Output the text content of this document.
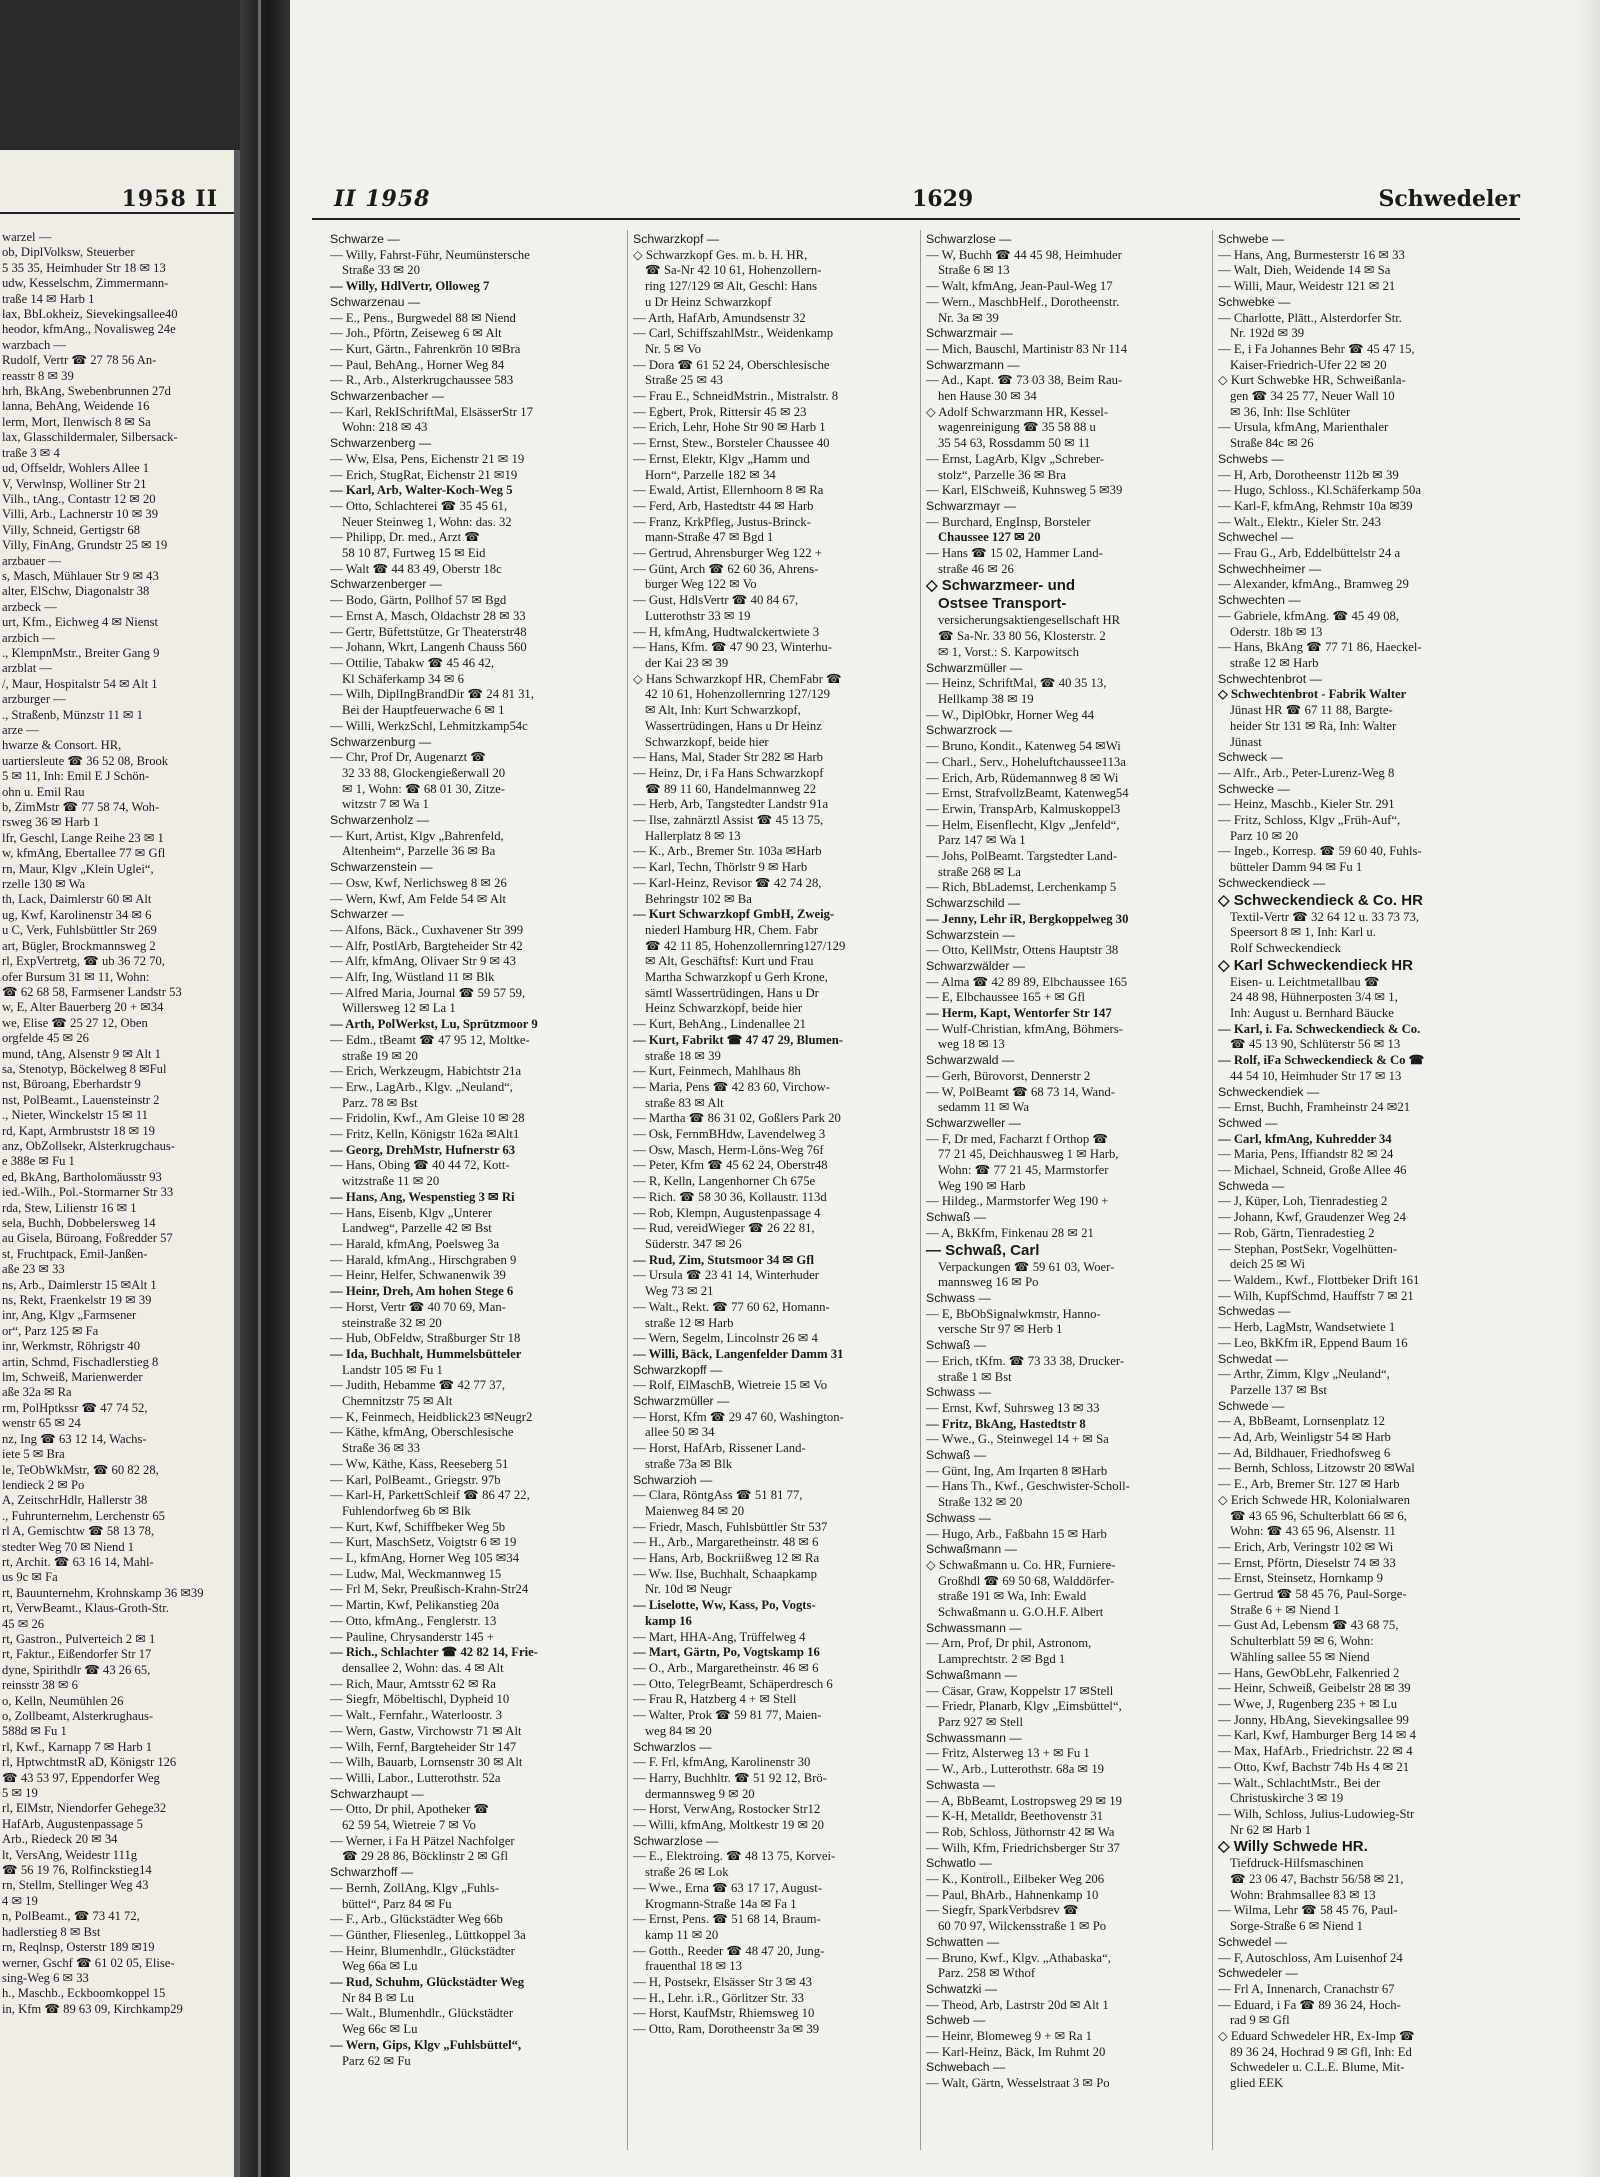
1958 II
warzel —
ob, DiplVolksw, Steuerber
5 35 35, Heimhuder Str 18 ✉ 13
udw, Kesselschm, Zimmermann-
traße 14 ✉ Harb 1
lax, BbLokheiz, Sievekingsallee40
heodor, kfmAng., Novalisweg 24e
warzbach —
Rudolf, Vertr ☎ 27 78 56 An-
reasstr 8 ✉ 39
hrh, BkAng, Swebenbrunnen 27d
lanna, BehAng, Weidende 16
lerm, Mort, Ilenwisch 8 ✉ Sa
lax, Glasschildermaler, Silbersack-
traße 3 ✉ 4
ud, Offseldr, Wohlers Allee 1
V, Verwlnsp, Wolliner Str 21
Vilh., tAng., Contastr 12 ✉ 20
Villi, Arb., Lachnerstr 10 ✉ 39
Villy, Schneid, Gertigstr 68
Villy, FinAng, Grundstr 25 ✉ 19
arzbauer —
s, Masch, Mühlauer Str 9 ✉ 43
alter, ElSchw, Diagonalstr 38
arzbeck —
urt, Kfm., Eichweg 4 ✉ Nienst
arzbich —
., KlempnMstr., Breiter Gang 9
arzblat —
/, Maur, Hospitalstr 54 ✉ Alt 1
arzburger —
., Straßenb, Münzstr 11 ✉ 1
arze —
hwarze & Consort. HR,
uartiersleute ☎ 36 52 08, Brook
5 ✉ 11, Inh: Emil E J Schön-
ohn u. Emil Rau
b, ZimMstr ☎ 77 58 74, Woh-
rsweg 36 ✉ Harb 1
lfr, Geschl, Lange Reihe 23 ✉ 1
w, kfmAng, Ebertallee 77 ✉ Gfl
rn, Maur, Klgv „Klein Uglei“,
rzelle 130 ✉ Wa
th, Lack, Daimlerstr 60 ✉ Alt
ug, Kwf, Karolinenstr 34 ✉ 6
u C, Verk, Fuhlsbüttler Str 269
art, Bügler, Brockmannsweg 2
rl, ExpVertretg, ☎ ub 36 72 70,
ofer Bursum 31 ✉ 11, Wohn:
☎ 62 68 58, Farmsener Landstr 53
w, E, Alter Bauerberg 20 + ✉34
we, Elise ☎ 25 27 12, Oben
orgfelde 45 ✉ 26
mund, tAng, Alsenstr 9 ✉ Alt 1
sa, Stenotyp, Böckelweg 8 ✉Ful
nst, Büroang, Eberhardstr 9
nst, PolBeamt., Lauensteinstr 2
., Nieter, Winckelstr 15 ✉ 11
rd, Kapt, Armbruststr 18 ✉ 19
anz, ObZollsekr, Alsterkrugchaus-
e 388e ✉ Fu 1
ed, BkAng, Bartholomäusstr 93
ied.-Wilh., Pol.-Stormarner Str 33
rda, Stew, Lilienstr 16 ✉ 1
sela, Buchh, Dobbelersweg 14
au Gisela, Büroang, Foßredder 57
st, Fruchtpack, Emil-Janßen-
aße 23 ✉ 33
ns, Arb., Daimlerstr 15 ✉Alt 1
ns, Rekt, Fraenkelstr 19 ✉ 39
inr, Ang, Klgv „Farmsener
or“, Parz 125 ✉ Fa
inr, Werkmstr, Röhrigstr 40
artin, Schmd, Fischadlerstieg 8
lm, Schweiß, Marienwerder
aße 32a ✉ Ra
rm, PolHptkssr ☎ 47 74 52,
wenstr 65 ✉ 24
nz, Ing ☎ 63 12 14, Wachs-
iete 5 ✉ Bra
le, TeObWkMstr, ☎ 60 82 28,
lendieck 2 ✉ Po
A, ZeitschrHdlr, Hallerstr 38
., Fuhrunternehm, Lerchenstr 65
rl A, Gemischtw ☎ 58 13 78,
stedter Weg 70 ✉ Niend 1
rt, Archit. ☎ 63 16 14, Mahl-
us 9c ✉ Fa
rt, Bauunternehm, Krohnskamp 36 ✉39
rt, VerwBeamt., Klaus-Groth-Str.
45 ✉ 26
rt, Gastron., Pulverteich 2 ✉ 1
rt, Faktur., Eißendorfer Str 17
dyne, Spirithdlr ☎ 43 26 65,
reinsstr 38 ✉ 6
o, Kelln, Neumühlen 26
o, Zollbeamt, Alsterkrughaus-
588d ✉ Fu 1
rl, Kwf., Karnapp 7 ✉ Harb 1
rl, HptwchtmstR aD, Königstr 126
☎ 43 53 97, Eppendorfer Weg
5 ✉ 19
rl, ElMstr, Niendorfer Gehege32
HafArb, Augustenpassage 5
Arb., Riedeck 20 ✉ 34
lt, VersAng, Weidestr 111g
☎ 56 19 76, Rolfinckstieg14
rn, Stellm, Stellinger Weg 43
4 ✉ 19
n, PolBeamt., ☎ 73 41 72,
hadlerstieg 8 ✉ Bst
rn, Reqlnsp, Osterstr 189 ✉19
werner, Gschf ☎ 61 02 05, Elise-
sing-Weg 6 ✉ 33
h., Maschb., Eckboomkoppel 15
in, Kfm ☎ 89 63 09, Kirchkamp29
II 1958	1629	Schwedeler
Schwarze —
— Willy, Fahrst-Führ, Neumünstersche
Straße 33 ✉ 20
— Willy, HdlVertr, Olloweg 7
Schwarzenau —
— E., Pens., Burgwedel 88 ✉ Niend
— Joh., Pförtn, Zeiseweg 6 ✉ Alt
— Kurt, Gärtn., Fahrenkrön 10 ✉Bra
— Paul, BehAng., Horner Weg 84
— R., Arb., Alsterkrugchaussee 583
Schwarzenbacher —
— Karl, RekISchriftMal, ElsässerStr 17
Wohn: 218 ✉ 43
Schwarzenberg —
— Ww, Elsa, Pens, Eichenstr 21 ✉ 19
— Erich, StugRat, Eichenstr 21 ✉19
— Karl, Arb, Walter-Koch-Weg 5
— Otto, Schlachterei ☎ 35 45 61,
Neuer Steinweg 1, Wohn: das. 32
— Philipp, Dr. med., Arzt ☎
58 10 87, Furtweg 15 ✉ Eid
— Walt ☎ 44 83 49, Oberstr 18c
Schwarzenberger —
— Bodo, Gärtn, Pollhof 57 ✉ Bgd
— Ernst A, Masch, Oldachstr 28 ✉ 33
— Gertr, Büfettstütze, Gr Theaterstr48
— Johann, Wkrt, Langenh Chauss 560
— Ottilie, Tabakw ☎ 45 46 42,
Kl Schäferkamp 34 ✉ 6
— Wilh, DiplIngBrandDir ☎ 24 81 31,
Bei der Hauptfeuerwache 6 ✉ 1
— Willi, WerkzSchl, Lehmitzkamp54c
Schwarzenburg —
— Chr, Prof Dr, Augenarzt ☎
32 33 88, Glockengießerwall 20
✉ 1, Wohn: ☎ 68 01 30, Zitze-
witzstr 7 ✉ Wa 1
Schwarzenholz —
— Kurt, Artist, Klgv „Bahrenfeld,
Altenheim“, Parzelle 36 ✉ Ba
Schwarzenstein —
— Osw, Kwf, Nerlichsweg 8 ✉ 26
— Wern, Kwf, Am Felde 54 ✉ Alt
Schwarzer —
— Alfons, Bäck., Cuxhavener Str 399
— Alfr, PostlArb, Bargteheider Str 42
— Alfr, kfmAng, Olivaer Str 9 ✉ 43
— Alfr, Ing, Wüstland 11 ✉ Blk
— Alfred Maria, Journal ☎ 59 57 59,
Willersweg 12 ✉ La 1
— Arth, PolWerkst, Lu, Sprützmoor 9
— Edm., tBeamt ☎ 47 95 12, Moltke-
straße 19 ✉ 20
— Erich, Werkzeugm, Habichtstr 21a
— Erw., LagArb., Klgv. „Neuland“,
Parz. 78 ✉ Bst
— Fridolin, Kwf., Am Gleise 10 ✉ 28
— Fritz, Kelln, Königstr 162a ✉Alt1
— Georg, DrehMstr, Hufnerstr 63
— Hans, Obing ☎ 40 44 72, Kott-
witzstraße 11 ✉ 20
— Hans, Ang, Wespenstieg 3 ✉ Ri
— Hans, Eisenb, Klgv „Unterer
Landweg“, Parzelle 42 ✉ Bst
— Harald, kfmAng, Poelsweg 3a
— Harald, kfmAng., Hirschgraben 9
— Heinr, Helfer, Schwanenwik 39
— Heinr, Dreh, Am hohen Stege 6
— Horst, Vertr ☎ 40 70 69, Man-
steinstraße 32 ✉ 20
— Hub, ObFeldw, Straßburger Str 18
— Ida, Buchhalt, Hummelsbütteler
Landstr 105 ✉ Fu 1
— Judith, Hebamme ☎ 42 77 37,
Chemnitzstr 75 ✉ Alt
— K, Feinmech, Heidblick23 ✉Neugr2
— Käthe, kfmAng, Oberschlesische
Straße 36 ✉ 33
— Ww, Käthe, Kass, Reeseberg 51
— Karl, PolBeamt., Griegstr. 97b
— Karl-H, ParkettSchleif ☎ 86 47 22,
Fuhlendorfweg 6b ✉ Blk
— Kurt, Kwf, Schiffbeker Weg 5b
— Kurt, MaschSetz, Voigtstr 6 ✉ 19
— L, kfmAng, Horner Weg 105 ✉34
— Ludw, Mal, Weckmannweg 15
— Frl M, Sekr, Preußisch-Krahn-Str24
— Martin, Kwf, Pelikanstieg 20a
— Otto, kfmAng., Fenglerstr. 13
— Pauline, Chrysanderstr 145 +
— Rich., Schlachter ☎ 42 82 14, Frie-
densallee 2, Wohn: das. 4 ✉ Alt
— Rich, Maur, Amtsstr 62 ✉ Ra
— Siegfr, Möbeltischl, Dypheid 10
— Walt., Fernfahr., Waterloostr. 3
— Wern, Gastw, Virchowstr 71 ✉ Alt
— Wilh, Fernf, Bargteheider Str 147
— Wilh, Bauarb, Lornsenstr 30 ✉ Alt
— Willi, Labor., Lutterothstr. 52a
Schwarzhaupt —
— Otto, Dr phil, Apotheker ☎
62 59 54, Wietreie 7 ✉ Vo
— Werner, i Fa H Pätzel Nachfolger
☎ 29 28 86, Böcklinstr 2 ✉ Gfl
Schwarzhoff —
— Bernh, ZollAng, Klgv „Fuhls-
büttel“, Parz 84 ✉ Fu
— F., Arb., Glückstädter Weg 66b
— Günther, Fliesenleg., Lüttkoppel 3a
— Heinr, Blumenhdlr., Glückstädter
Weg 66a ✉ Lu
— Rud, Schuhm, Glückstädter Weg
Nr 84 B ✉ Lu
— Walt., Blumenhdlr., Glückstädter
Weg 66c ✉ Lu
— Wern, Gips, Klgv „Fuhlsbüttel“,
Parz 62 ✉ Fu
Schwarzkopf —
◇ Schwarzkopf Ges. m. b. H. HR,
☎ Sa-Nr 42 10 61, Hohenzollern-
ring 127/129 ✉ Alt, Geschl: Hans
u Dr Heinz Schwarzkopf
— Arth, HafArb, Amundsenstr 32
— Carl, SchiffszahlMstr., Weidenkamp
Nr. 5 ✉ Vo
— Dora ☎ 61 52 24, Oberschlesische
Straße 25 ✉ 43
— Frau E., SchneidMstrin., Mistralstr. 8
— Egbert, Prok, Rittersir 45 ✉ 23
— Erich, Lehr, Hohe Str 90 ✉ Harb 1
— Ernst, Stew., Borsteler Chaussee 40
— Ernst, Elektr, Klgv „Hamm und
Horn“, Parzelle 182 ✉ 34
— Ewald, Artist, Ellernhoorn 8 ✉ Ra
— Ferd, Arb, Hastedtstr 44 ✉ Harb
— Franz, KrkPfleg, Justus-Brinck-
mann-Straße 47 ✉ Bgd 1
— Gertrud, Ahrensburger Weg 122 +
— Günt, Arch ☎ 62 60 36, Ahrens-
burger Weg 122 ✉ Vo
— Gust, HdlsVertr ☎ 40 84 67,
Lutterothstr 33 ✉ 19
— H, kfmAng, Hudtwalckertwiete 3
— Hans, Kfm. ☎ 47 90 23, Winterhu-
der Kai 23 ✉ 39
◇ Hans Schwarzkopf HR, ChemFabr ☎
42 10 61, Hohenzollernring 127/129
✉ Alt, Inh: Kurt Schwarzkopf,
Wassertrüdingen, Hans u Dr Heinz
Schwarzkopf, beide hier
— Hans, Mal, Stader Str 282 ✉ Harb
— Heinz, Dr, i Fa Hans Schwarzkopf
☎ 89 11 60, Handelmannweg 22
— Herb, Arb, Tangstedter Landstr 91a
— Ilse, zahnärztl Assist ☎ 45 13 75,
Hallerplatz 8 ✉ 13
— K., Arb., Bremer Str. 103a ✉Harb
— Karl, Techn, Thörlstr 9 ✉ Harb
— Karl-Heinz, Revisor ☎ 42 74 28,
Behringstr 102 ✉ Ba
— Kurt Schwarzkopf GmbH, Zweig-
niederl Hamburg HR, Chem. Fabr
☎ 42 11 85, Hohenzollernring127/129
✉ Alt, Geschäftsf: Kurt und Frau
Martha Schwarzkopf u Gerh Krone,
sämtl Wassertrüdingen, Hans u Dr
Heinz Schwarzkopf, beide hier
— Kurt, BehAng., Lindenallee 21
— Kurt, Fabrikt ☎ 47 47 29, Blumen-
straße 18 ✉ 39
— Kurt, Feinmech, Mahlhaus 8h
— Maria, Pens ☎ 42 83 60, Virchow-
straße 83 ✉ Alt
— Martha ☎ 86 31 02, Goßlers Park 20
— Osk, FernmBHdw, Lavendelweg 3
— Osw, Masch, Herm-Löns-Weg 76f
— Peter, Kfm ☎ 45 62 24, Oberstr48
— R, Kelln, Langenhorner Ch 675e
— Rich. ☎ 58 30 36, Kollaustr. 113d
— Rob, Klempn, Augustenpassage 4
— Rud, vereidWieger ☎ 26 22 81,
Süderstr. 347 ✉ 26
— Rud, Zim, Stutsmoor 34 ✉ Gfl
— Ursula ☎ 23 41 14, Winterhuder
Weg 73 ✉ 21
— Walt., Rekt. ☎ 77 60 62, Homann-
straße 12 ✉ Harb
— Wern, Segelm, Lincolnstr 26 ✉ 4
— Willi, Bäck, Langenfelder Damm 31
Schwarzkopff —
— Rolf, ElMaschB, Wietreie 15 ✉ Vo
Schwarzmüller —
— Horst, Kfm ☎ 29 47 60, Washington-
allee 50 ✉ 34
— Horst, HafArb, Rissener Land-
straße 73a ✉ Blk
Schwarzioh —
— Clara, RöntgAss ☎ 51 81 77,
Maienweg 84 ✉ 20
— Friedr, Masch, Fuhlsbüttler Str 537
— H., Arb., Margaretheinstr. 48 ✉ 6
— Hans, Arb, Bockriißweg 12 ✉ Ra
— Ww. Ilse, Buchhalt, Schaapkamp
Nr. 10d ✉ Neugr
— Liselotte, Ww, Kass, Po, Vogts-
kamp 16
— Mart, HHA-Ang, Trüffelweg 4
— Mart, Gärtn, Po, Vogtskamp 16
— O., Arb., Margaretheinstr. 46 ✉ 6
— Otto, TelegrBeamt, Schäperdresch 6
— Frau R, Hatzberg 4 + ✉ Stell
— Walter, Prok ☎ 59 81 77, Maien-
weg 84 ✉ 20
Schwarzlos —
— F. Frl, kfmAng, Karolinenstr 30
— Harry, Buchhltr. ☎ 51 92 12, Brö-
dermannsweg 9 ✉ 20
— Horst, VerwAng, Rostocker Str12
— Willi, kfmAng, Moltkestr 19 ✉ 20
Schwarzlose —
— E., Elektroing. ☎ 48 13 75, Korvei-
straße 26 ✉ Lok
— Wwe., Erna ☎ 63 17 17, August-
Krogmann-Straße 14a ✉ Fa 1
— Ernst, Pens. ☎ 51 68 14, Braum-
kamp 11 ✉ 20
— Gotth., Reeder ☎ 48 47 20, Jung-
frauenthal 18 ✉ 13
— H, Postsekr, Elsässer Str 3 ✉ 43
— H., Lehr. i.R., Görlitzer Str. 33
— Horst, KaufMstr, Rhiemsweg 10
— Otto, Ram, Dorotheenstr 3a ✉ 39
Schwarzlose —
— W, Buchh ☎ 44 45 98, Heimhuder
Straße 6 ✉ 13
— Walt, kfmAng, Jean-Paul-Weg 17
— Wern., MaschbHelf., Dorotheenstr.
Nr. 3a ✉ 39
Schwarzmair —
— Mich, Bauschl, Martinistr 83 Nr 114
Schwarzmann —
— Ad., Kapt. ☎ 73 03 38, Beim Rau-
hen Hause 30 ✉ 34
◇ Adolf Schwarzmann HR, Kessel-
wagenreinigung ☎ 35 58 88 u
35 54 63, Rossdamm 50 ✉ 11
— Ernst, LagArb, Klgv „Schreber-
stolz“, Parzelle 36 ✉ Bra
— Karl, ElSchweiß, Kuhnsweg 5 ✉39
Schwarzmayr —
— Burchard, EngInsp, Borsteler
Chaussee 127 ✉ 20
— Hans ☎ 15 02, Hammer Land-
straße 46 ✉ 26
◇ Schwarzmeer- und
Ostsee Transport-
versicherungsaktiengesellschaft HR
☎ Sa-Nr. 33 80 56, Klosterstr. 2
✉ 1, Vorst.: S. Karpowitsch
Schwarzmüller —
— Heinz, SchriftMal, ☎ 40 35 13,
Hellkamp 38 ✉ 19
— W., DiplObkr, Horner Weg 44
Schwarzrock —
— Bruno, Kondit., Katenweg 54 ✉Wi
— Charl., Serv., Hoheluftchaussee113a
— Erich, Arb, Rüdemannweg 8 ✉ Wi
— Ernst, StrafvollzBeamt, Katenweg54
— Erwin, TranspArb, Kalmuskoppel3
— Helm, Eisenflecht, Klgv „Jenfeld“,
Parz 147 ✉ Wa 1
— Johs, PolBeamt. Targstedter Land-
straße 268 ✉ La
— Rich, BbLademst, Lerchenkamp 5
Schwarzschild —
— Jenny, Lehr iR, Bergkoppelweg 30
Schwarzstein —
— Otto, KellMstr, Ottens Hauptstr 38
Schwarzwälder —
— Alma ☎ 42 89 89, Elbchaussee 165
— E, Elbchaussee 165 + ✉ Gfl
— Herm, Kapt, Wentorfer Str 147
— Wulf-Christian, kfmAng, Böhmers-
weg 18 ✉ 13
Schwarzwald —
— Gerh, Bürovorst, Dennerstr 2
— W, PolBeamt ☎ 68 73 14, Wand-
sedamm 11 ✉ Wa
Schwarzweller —
— F, Dr med, Facharzt f Orthop ☎
77 21 45, Deichhausweg 1 ✉ Harb,
Wohn: ☎ 77 21 45, Marmstorfer
Weg 190 ✉ Harb
— Hildeg., Marmstorfer Weg 190 +
Schwaß —
— A, BkKfm, Finkenau 28 ✉ 21
— Schwaß, Carl
Verpackungen ☎ 59 61 03, Woer-
mannsweg 16 ✉ Po
Schwass —
— E, BbObSignalwkmstr, Hanno-
versche Str 97 ✉ Herb 1
Schwaß —
— Erich, tKfm. ☎ 73 33 38, Drucker-
straße 1 ✉ Bst
Schwass —
— Ernst, Kwf, Suhrsweg 13 ✉ 33
— Fritz, BkAng, Hastedtstr 8
— Wwe., G., Steinwegel 14 + ✉ Sa
Schwaß —
— Günt, Ing, Am Irqarten 8 ✉Harb
— Hans Th., Kwf., Geschwister-Scholl-
Straße 132 ✉ 20
Schwass —
— Hugo, Arb., Faßbahn 15 ✉ Harb
Schwaßmann —
◇ Schwaßmann u. Co. HR, Furniere-
Großhdl ☎ 69 50 68, Walddörfer-
straße 191 ✉ Wa, Inh: Ewald
Schwaßmann u. G.O.H.F. Albert
Schwassmann —
— Arn, Prof, Dr phil, Astronom,
Lamprechtstr. 2 ✉ Bgd 1
Schwaßmann —
— Cäsar, Graw, Koppelstr 17 ✉Stell
— Friedr, Planarb, Klgv „Eimsbüttel“,
Parz 927 ✉ Stell
Schwassmann —
— Fritz, Alsterweg 13 + ✉ Fu 1
— W., Arb., Lutterothstr. 68a ✉ 19
Schwasta —
— A, BbBeamt, Lostropsweg 29 ✉ 19
— K-H, Metalldr, Beethovenstr 31
— Rob, Schloss, Jüthornstr 42 ✉ Wa
— Wilh, Kfm, Friedrichsberger Str 37
Schwatlo —
— K., Kontroll., Eilbeker Weg 206
— Paul, BhArb., Hahnenkamp 10
— Siegfr, SparkVerbdsrev ☎
60 70 97, Wilckensstraße 1 ✉ Po
Schwatten —
— Bruno, Kwf., Klgv. „Athabaska“,
Parz. 258 ✉ Wthof
Schwatzki —
— Theod, Arb, Lastrstr 20d ✉ Alt 1
Schweb —
— Heinr, Blomeweg 9 + ✉ Ra 1
— Karl-Heinz, Bäck, Im Ruhmt 20
Schwebach —
— Walt, Gärtn, Wesselstraat 3 ✉ Po
Schwebe —
— Hans, Ang, Burmesterstr 16 ✉ 33
— Walt, Dieh, Weidende 14 ✉ Sa
— Willi, Maur, Weidestr 121 ✉ 21
Schwebke —
— Charlotte, Plätt., Alsterdorfer Str.
Nr. 192d ✉ 39
— E, i Fa Johannes Behr ☎ 45 47 15,
Kaiser-Friedrich-Ufer 22 ✉ 20
◇ Kurt Schwebke HR, Schweißanla-
gen ☎ 34 25 77, Neuer Wall 10
✉ 36, Inh: Ilse Schlüter
— Ursula, kfmAng, Marienthaler
Straße 84c ✉ 26
Schwebs —
— H, Arb, Dorotheenstr 112b ✉ 39
— Hugo, Schloss., Kl.Schäferkamp 50a
— Karl-F, kfmAng, Rehmstr 10a ✉39
— Walt., Elektr., Kieler Str. 243
Schwechel —
— Frau G., Arb, Eddelbüttelstr 24 a
Schwechheimer —
— Alexander, kfmAng., Bramweg 29
Schwechten —
— Gabriele, kfmAng. ☎ 45 49 08,
Oderstr. 18b ✉ 13
— Hans, BkAng ☎ 77 71 86, Haeckel-
straße 12 ✉ Harb
Schwechtenbrot —
◇ Schwechtenbrot - Fabrik Walter
Jünast HR ☎ 67 11 88, Bargte-
heider Str 131 ✉ Ra, Inh: Walter
Jünast
Schweck —
— Alfr., Arb., Peter-Lurenz-Weg 8
Schwecke —
— Heinz, Maschb., Kieler Str. 291
— Fritz, Schloss, Klgv „Früh-Auf“,
Parz 10 ✉ 20
— Ingeb., Korresp. ☎ 59 60 40, Fuhls-
bütteler Damm 94 ✉ Fu 1
Schweckendieck —
◇ Schweckendieck & Co. HR
Textil-Vertr ☎ 32 64 12 u. 33 73 73,
Speersort 8 ✉ 1, Inh: Karl u.
Rolf Schweckendieck
◇ Karl Schweckendieck HR
Eisen- u. Leichtmetallbau ☎
24 48 98, Hühnerposten 3/4 ✉ 1,
Inh: August u. Bernhard Bäucke
— Karl, i. Fa. Schweckendieck & Co.
☎ 45 13 90, Schlüterstr 56 ✉ 13
— Rolf, iFa Schweckendieck & Co ☎
44 54 10, Heimhuder Str 17 ✉ 13
Schweckendiek —
— Ernst, Buchh, Framheinstr 24 ✉21
Schwed —
— Carl, kfmAng, Kuhredder 34
— Maria, Pens, Iffiandstr 82 ✉ 24
— Michael, Schneid, Große Allee 46
Schweda —
— J, Küper, Loh, Tienradestieg 2
— Johann, Kwf, Graudenzer Weg 24
— Rob, Gärtn, Tienradestieg 2
— Stephan, PostSekr, Vogelhütten-
deich 25 ✉ Wi
— Waldem., Kwf., Flottbeker Drift 161
— Wilh, KupfSchmd, Hauffstr 7 ✉ 21
Schwedas —
— Herb, LagMstr, Wandsetwiete 1
— Leo, BkKfm iR, Eppend Baum 16
Schwedat —
— Arthr, Zimm, Klgv „Neuland“,
Parzelle 137 ✉ Bst
Schwede —
— A, BbBeamt, Lornsenplatz 12
— Ad, Arb, Weinligstr 54 ✉ Harb
— Ad, Bildhauer, Friedhofsweg 6
— Bernh, Schloss, Litzowstr 20 ✉Wal
— E., Arb, Bremer Str. 127 ✉ Harb
◇ Erich Schwede HR, Kolonialwaren
☎ 43 65 96, Schulterblatt 66 ✉ 6,
Wohn: ☎ 43 65 96, Alsenstr. 11
— Erich, Arb, Veringstr 102 ✉ Wi
— Ernst, Pförtn, Dieselstr 74 ✉ 33
— Ernst, Steinsetz, Hornkamp 9
— Gertrud ☎ 58 45 76, Paul-Sorge-
Straße 6 + ✉ Niend 1
— Gust Ad, Lebensm ☎ 43 68 75,
Schulterblatt 59 ✉ 6, Wohn:
Wähling sallee 55 ✉ Niend
— Hans, GewObLehr, Falkenried 2
— Heinr, Schweiß, Geibelstr 28 ✉ 39
— Wwe, J, Rugenberg 235 + ✉ Lu
— Jonny, HbAng, Sievekingsallee 99
— Karl, Kwf, Hamburger Berg 14 ✉ 4
— Max, HafArb., Friedrichstr. 22 ✉ 4
— Otto, Kwf, Bachstr 74b Hs 4 ✉ 21
— Walt., SchlachtMstr., Bei der
Christuskirche 3 ✉ 19
— Wilh, Schloss, Julius-Ludowieg-Str
Nr 62 ✉ Harb 1
◇ Willy Schwede HR.
Tiefdruck-Hilfsmaschinen
☎ 23 06 47, Bachstr 56/58 ✉ 21,
Wohn: Brahmsallee 83 ✉ 13
— Wilma, Lehr ☎ 58 45 76, Paul-
Sorge-Straße 6 ✉ Niend 1
Schwedel —
— F, Autoschloss, Am Luisenhof 24
Schwedeler —
— Frl A, Innenarch, Cranachstr 67
— Eduard, i Fa ☎ 89 36 24, Hoch-
rad 9 ✉ Gfl
◇ Eduard Schwedeler HR, Ex-Imp ☎
89 36 24, Hochrad 9 ✉ Gfl, Inh: Ed
Schwedeler u. C.L.E. Blume, Mit-
glied EEK
